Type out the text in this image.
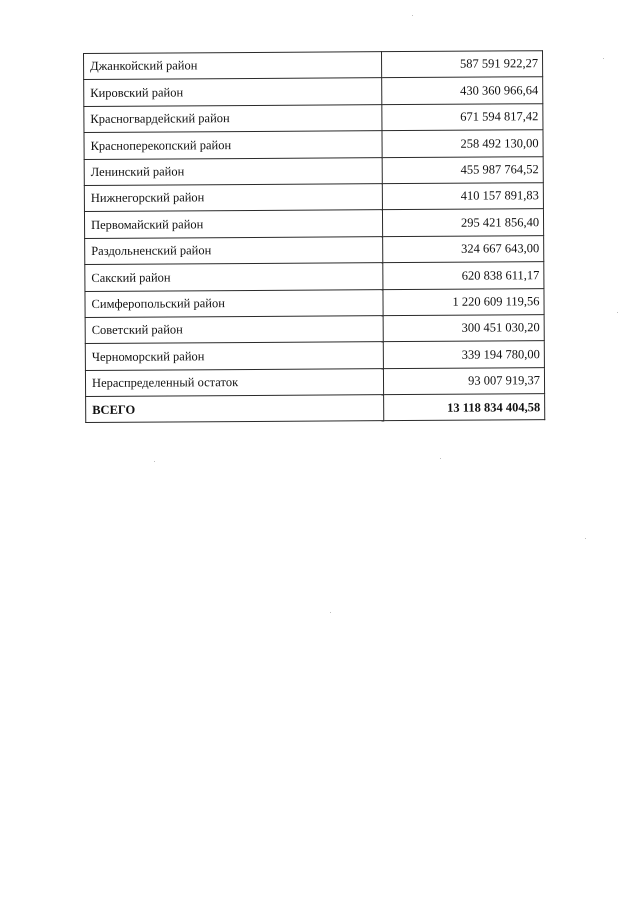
Джанкойский район	587 591 922,27
Кировский район	430 360 966,64
Красногвардейский район	671 594 817,42
Красноперекопский район	258 492 130,00
Ленинский район	455 987 764,52
Нижнегорский район	410 157 891,83
Первомайский район	295 421 856,40
Раздольненский район	324 667 643,00
Сакский район	620 838 611,17
Симферопольский район	1 220 609 119,56
Советский район	300 451 030,20
Черноморский район	339 194 780,00
Нераспределенный остаток	93 007 919,37
ВСЕГО	13 118 834 404,58
